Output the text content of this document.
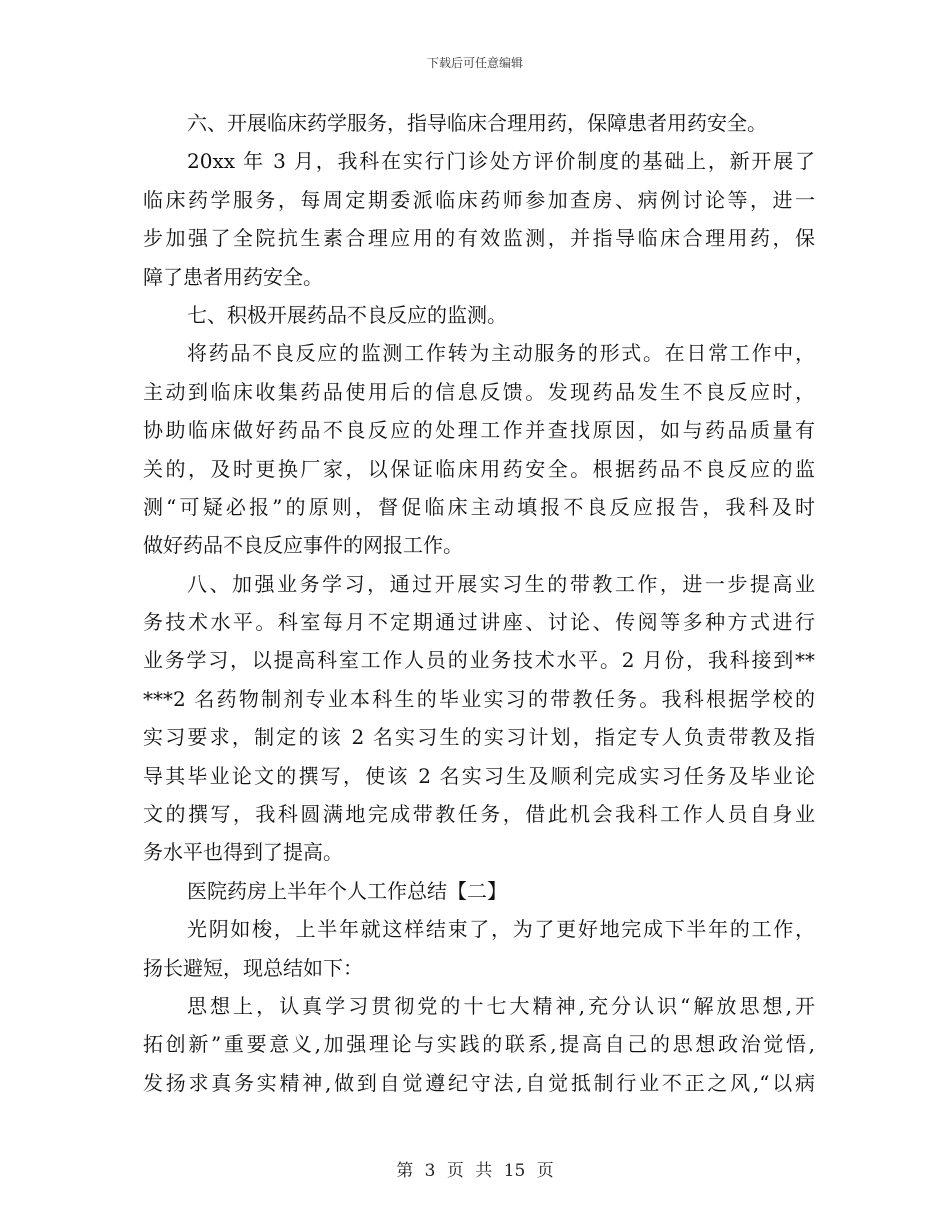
下载后可任意编辑
六、开展临床药学服务，指导临床合理用药，保障患者用药安全。
20xx 年 3 月，我科在实行门诊处方评价制度的基础上，新开展了
临床药学服务，每周定期委派临床药师参加查房、病例讨论等，进一
步加强了全院抗生素合理应用的有效监测，并指导临床合理用药，保
障了患者用药安全。
七、积极开展药品不良反应的监测。
将药品不良反应的监测工作转为主动服务的形式。在日常工作中，
主动到临床收集药品使用后的信息反馈。发现药品发生不良反应时，
协助临床做好药品不良反应的处理工作并查找原因，如与药品质量有
关的，及时更换厂家，以保证临床用药安全。根据药品不良反应的监
测“可疑必报”的原则，督促临床主动填报不良反应报告，我科及时
做好药品不良反应事件的网报工作。
八、加强业务学习，通过开展实习生的带教工作，进一步提高业
务技术水平。科室每月不定期通过讲座、讨论、传阅等多种方式进行
业务学习，以提高科室工作人员的业务技术水平。2 月份，我科接到**
***2 名药物制剂专业本科生的毕业实习的带教任务。我科根据学校的
实习要求，制定的该 2 名实习生的实习计划，指定专人负责带教及指
导其毕业论文的撰写，使该 2 名实习生及顺利完成实习任务及毕业论
文的撰写，我科圆满地完成带教任务，借此机会我科工作人员自身业
务水平也得到了提高。
医院药房上半年个人工作总结【二】
光阴如梭，上半年就这样结束了，为了更好地完成下半年的工作，
扬长避短，现总结如下：
思想上，认真学习贯彻党的十七大精神,充分认识“解放思想,开
拓创新”重要意义,加强理论与实践的联系,提高自己的思想政治觉悟,
发扬求真务实精神,做到自觉遵纪守法,自觉抵制行业不正之风,“以病
第 3 页 共 15 页
